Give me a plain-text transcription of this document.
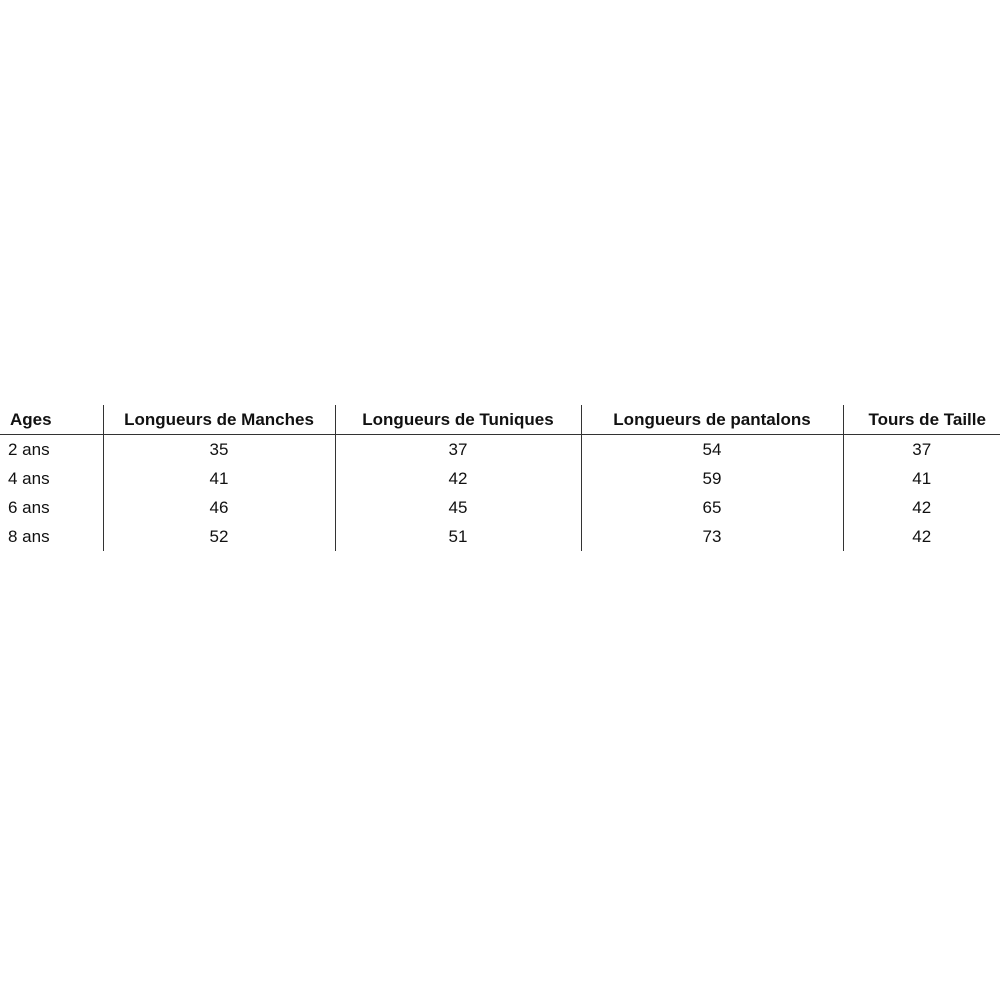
Ages	Longueurs de Manches	Longueurs de Tuniques	Longueurs de pantalons	Tours de Taille
2 ans	35	37	54	37
4 ans	41	42	59	41
6 ans	46	45	65	42
8 ans	52	51	73	42
